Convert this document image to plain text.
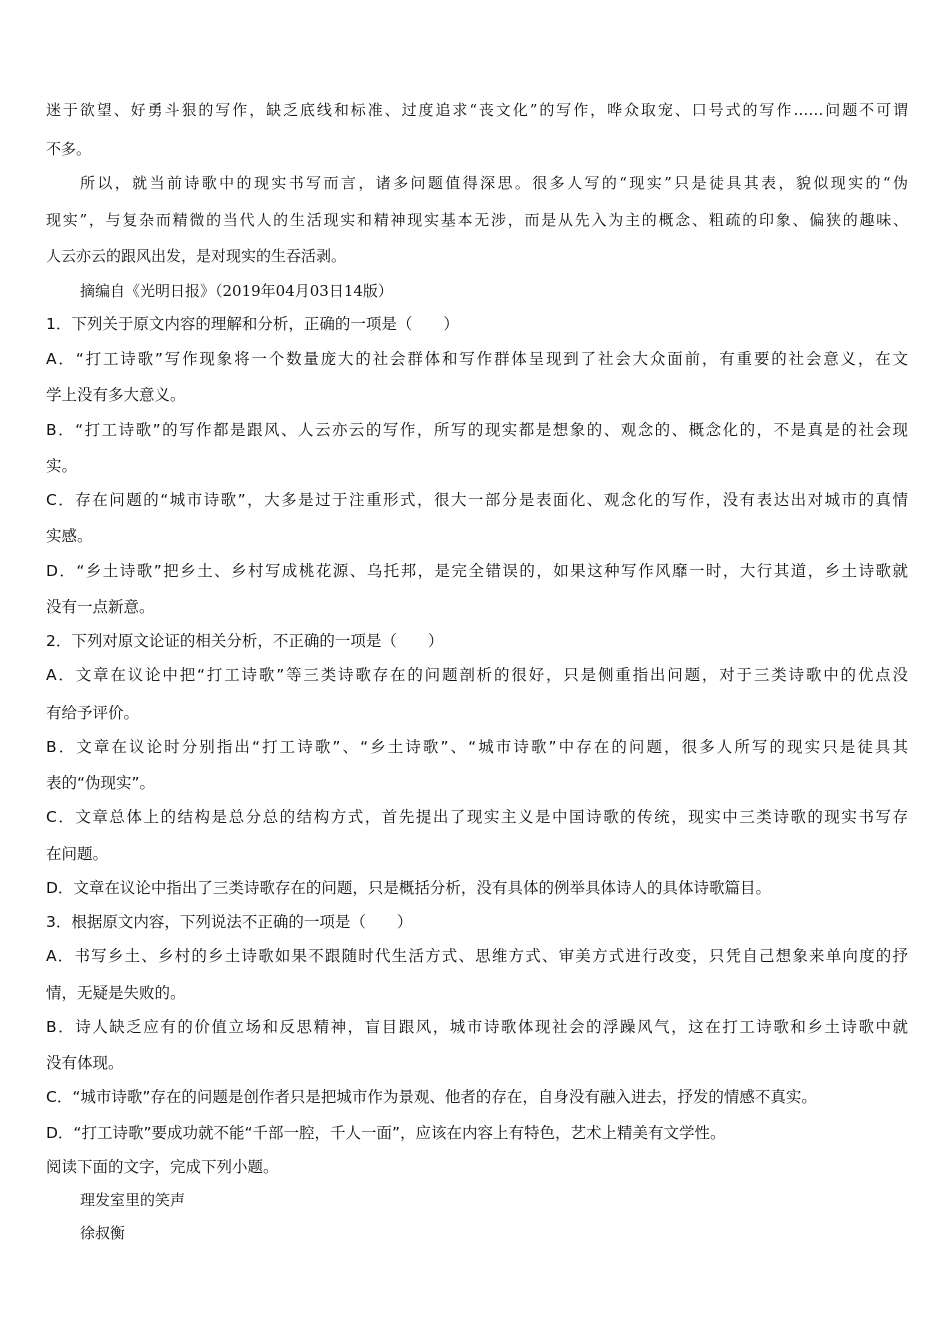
迷于欲望、好勇斗狠的写作，缺乏底线和标准、过度追求“丧文化”的写作，哗众取宠、口号式的写作……问题不可谓
不多。
所以，就当前诗歌中的现实书写而言，诸多问题值得深思。很多人写的“现实”只是徒具其表，貌似现实的“伪
现实”，与复杂而精微的当代人的生活现实和精神现实基本无涉，而是从先入为主的概念、粗疏的印象、偏狭的趣味、
人云亦云的跟风出发，是对现实的生吞活剥。
摘编自《光明日报》（2019年04月03日14版）
1．下列关于原文内容的理解和分析，正确的一项是（　　）
A．“打工诗歌”写作现象将一个数量庞大的社会群体和写作群体呈现到了社会大众面前，有重要的社会意义，在文
学上没有多大意义。
B．“打工诗歌”的写作都是跟风、人云亦云的写作，所写的现实都是想象的、观念的、概念化的，不是真是的社会现
实。
C．存在问题的“城市诗歌”，大多是过于注重形式，很大一部分是表面化、观念化的写作，没有表达出对城市的真情
实感。
D．“乡土诗歌”把乡土、乡村写成桃花源、乌托邦，是完全错误的，如果这种写作风靡一时，大行其道，乡土诗歌就
没有一点新意。
2．下列对原文论证的相关分析，不正确的一项是（　　）
A．文章在议论中把“打工诗歌”等三类诗歌存在的问题剖析的很好，只是侧重指出问题，对于三类诗歌中的优点没
有给予评价。
B．文章在议论时分别指出“打工诗歌”、“乡土诗歌”、“城市诗歌”中存在的问题，很多人所写的现实只是徒具其
表的“伪现实”。
C．文章总体上的结构是总分总的结构方式，首先提出了现实主义是中国诗歌的传统，现实中三类诗歌的现实书写存
在问题。
D．文章在议论中指出了三类诗歌存在的问题，只是概括分析，没有具体的例举具体诗人的具体诗歌篇目。
3．根据原文内容，下列说法不正确的一项是（　　）
A．书写乡土、乡村的乡土诗歌如果不跟随时代生活方式、思维方式、审美方式进行改变，只凭自己想象来单向度的抒
情，无疑是失败的。
B．诗人缺乏应有的价值立场和反思精神，盲目跟风，城市诗歌体现社会的浮躁风气，这在打工诗歌和乡土诗歌中就
没有体现。
C．“城市诗歌”存在的问题是创作者只是把城市作为景观、他者的存在，自身没有融入进去，抒发的情感不真实。
D．“打工诗歌”要成功就不能“千部一腔，千人一面”，应该在内容上有特色，艺术上精美有文学性。
阅读下面的文字，完成下列小题。
理发室里的笑声
徐叔衡
